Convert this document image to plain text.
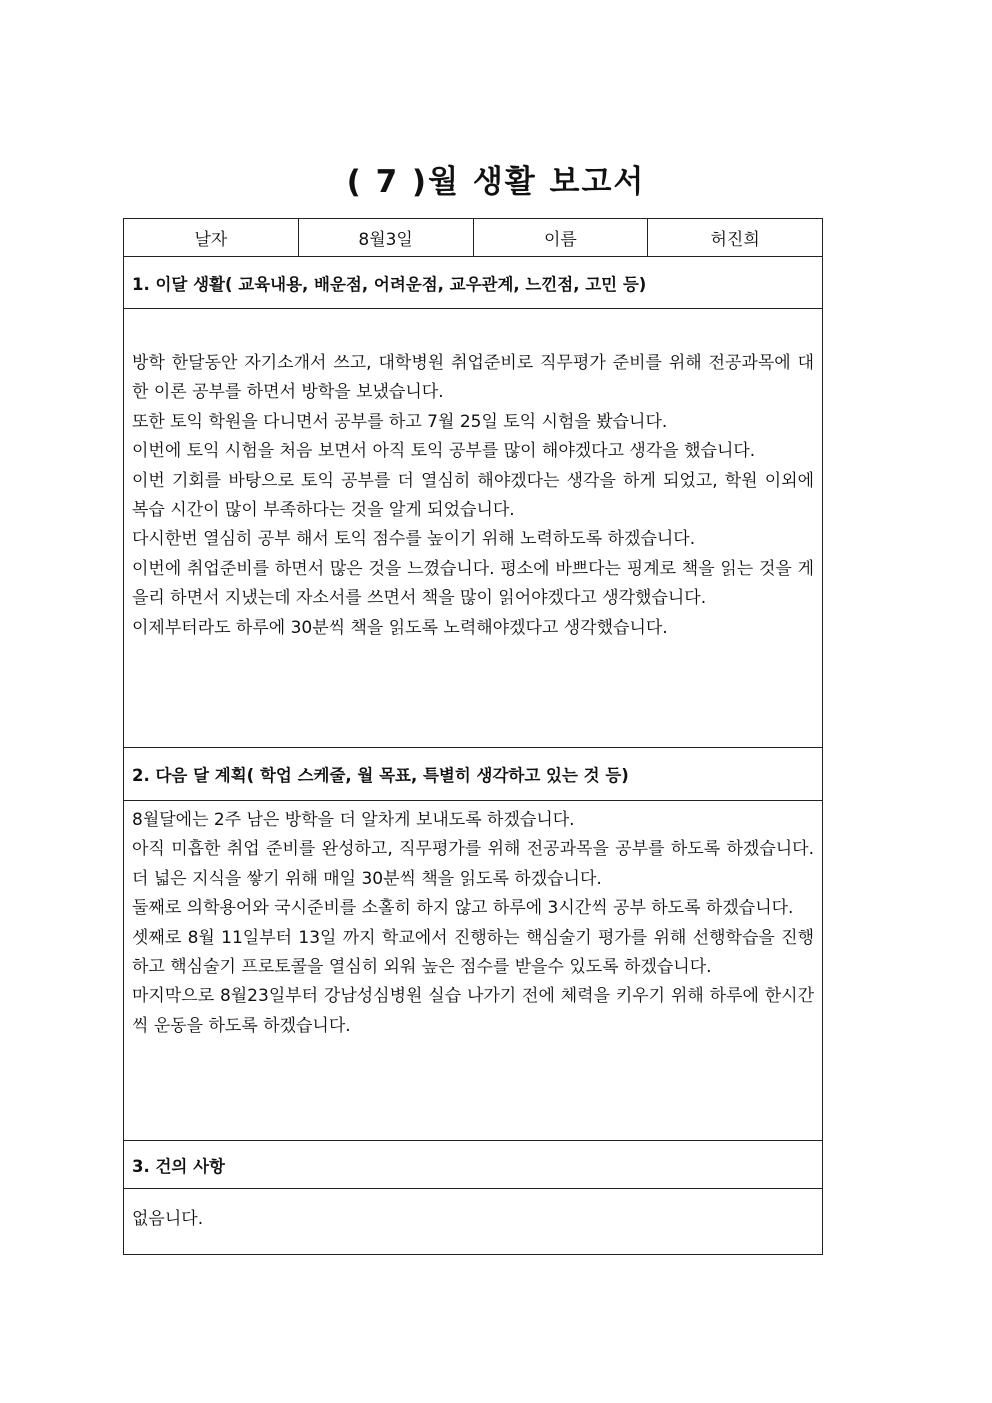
( 7 )월 생활 보고서
날자	8월3일	이름	허진희
1. 이달 생활( 교육내용, 배운점, 어려운점, 교우관계, 느낀점, 고민 등)

방학 한달동안 자기소개서 쓰고, 대학병원 취업준비로 직무평가 준비를 위해 전공과목에 대한 이론 공부를 하면서 방학을 보냈습니다.

또한 토익 학원을 다니면서 공부를 하고 7월 25일 토익 시험을 봤습니다.

이번에 토익 시험을 처음 보면서 아직 토익 공부를 많이 해야겠다고 생각을 했습니다.

이번 기회를 바탕으로 토익 공부를 더 열심히 해야겠다는 생각을 하게 되었고, 학원 이외에 복습 시간이 많이 부족하다는 것을 알게 되었습니다.

다시한번 열심히 공부 해서 토익 점수를 높이기 위해 노력하도록 하겠습니다.

이번에 취업준비를 하면서 많은 것을 느꼈습니다. 평소에 바쁘다는 핑계로 책을 읽는 것을 게을리 하면서 지냈는데 자소서를 쓰면서 책을 많이 읽어야겠다고 생각했습니다.

이제부터라도 하루에 30분씩 책을 읽도록 노력해야겠다고 생각했습니다.

2. 다음 달 계획( 학업 스케줄, 월 목표, 특별히 생각하고 있는 것 등)

8월달에는 2주 남은 방학을 더 알차게 보내도록 하겠습니다.

아직 미흡한 취업 준비를 완성하고, 직무평가를 위해 전공과목을 공부를 하도록 하겠습니다. 더 넓은 지식을 쌓기 위해 매일 30분씩 책을 읽도록 하겠습니다.

둘째로 의학용어와 국시준비를 소홀히 하지 않고 하루에 3시간씩 공부 하도록 하겠습니다.

셋째로 8월 11일부터 13일 까지 학교에서 진행하는 핵심술기 평가를 위해 선행학습을 진행하고 핵심술기 프로토콜을 열심히 외워 높은 점수를 받을수 있도록 하겠습니다.

마지막으로 8월23일부터 강남성심병원 실습 나가기 전에 체력을 키우기 위해 하루에 한시간씩 운동을 하도록 하겠습니다.

3. 건의 사항

없음니다.
